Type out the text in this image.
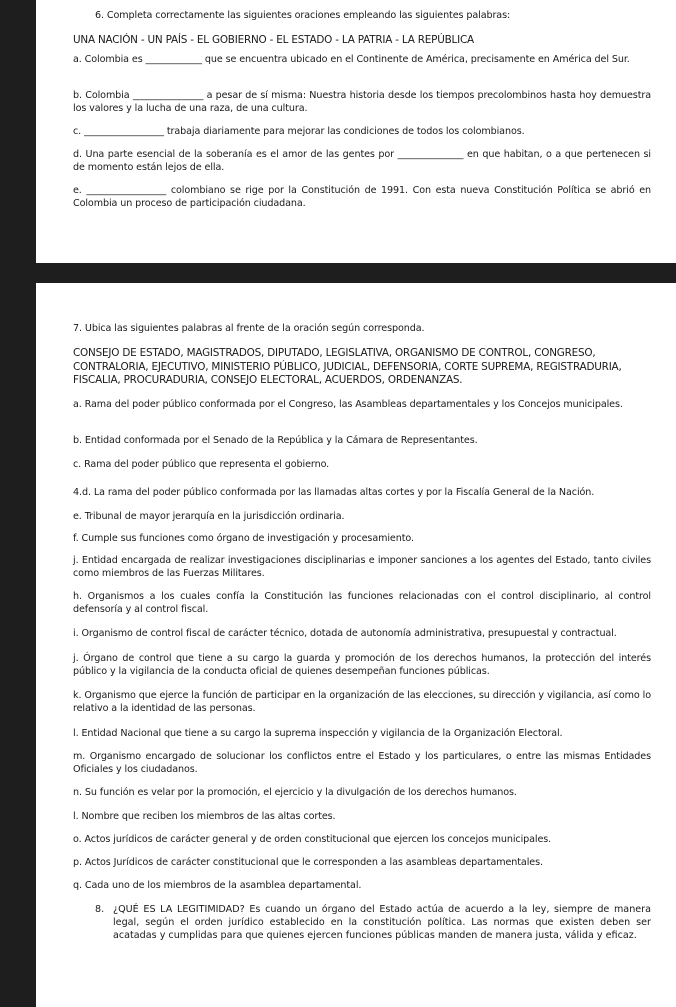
6. Completa correctamente las siguientes oraciones empleando las siguientes palabras:
UNA NACIÓN - UN PAÍS - EL GOBIERNO - EL ESTADO - LA PATRIA - LA REPÚBLICA
a. Colombia es ____________ que se encuentra ubicado en el Continente de América, precisamente en América del Sur.
b. Colombia _______________ a pesar de sí misma: Nuestra historia desde los tiempos precolombinos hasta hoy demuestra los valores y la lucha de una raza, de una cultura.
c. _________________ trabaja diariamente para mejorar las condiciones de todos los colombianos.
d. Una parte esencial de la soberanía es el amor de las gentes por ______________ en que habitan, o a que pertenecen si de momento están lejos de ella.
e. _________________ colombiano se rige por la Constitución de 1991. Con esta nueva Constitución Política se abrió en Colombia un proceso de participación ciudadana.
7. Ubica las siguientes palabras al frente de la oración según corresponda.
CONSEJO DE ESTADO, MAGISTRADOS, DIPUTADO, LEGISLATIVA, ORGANISMO DE CONTROL, CONGRESO, CONTRALORIA, EJECUTIVO, MINISTERIO PÚBLICO, JUDICIAL, DEFENSORIA, CORTE SUPREMA, REGISTRADURIA, FISCALIA, PROCURADURIA, CONSEJO ELECTORAL, ACUERDOS, ORDENANZAS.
a. Rama del poder público conformada por el Congreso, las Asambleas departamentales y los Concejos municipales.
b. Entidad conformada por el Senado de la República y la Cámara de Representantes.
c. Rama del poder público que representa el gobierno.
4.d. La rama del poder público conformada por las llamadas altas cortes y por la Fiscalía General de la Nación.
e. Tribunal de mayor jerarquía en la jurisdicción ordinaria.
f. Cumple sus funciones como órgano de investigación y procesamiento.
j. Entidad encargada de realizar investigaciones disciplinarias e imponer sanciones a los agentes del Estado, tanto civiles como miembros de las Fuerzas Militares.
h. Organismos a los cuales confía la Constitución las funciones relacionadas con el control disciplinario, al control defensoría y al control fiscal.
i. Organismo de control fiscal de carácter técnico, dotada de autonomía administrativa, presupuestal y contractual.
j. Órgano de control que tiene a su cargo la guarda y promoción de los derechos humanos, la protección del interés público y la vigilancia de la conducta oficial de quienes desempeñan funciones públicas.
k. Organismo que ejerce la función de participar en la organización de las elecciones, su dirección y vigilancia, así como lo relativo a la identidad de las personas.
l. Entidad Nacional que tiene a su cargo la suprema inspección y vigilancia de la Organización Electoral.
m. Organismo encargado de solucionar los conflictos entre el Estado y los particulares, o entre las mismas Entidades Oficiales y los ciudadanos.
n. Su función es velar por la promoción, el ejercicio y la divulgación de los derechos humanos.
l. Nombre que reciben los miembros de las altas cortes.
o. Actos jurídicos de carácter general y de orden constitucional que ejercen los concejos municipales.
p. Actos Jurídicos de carácter constitucional que le corresponden a las asambleas departamentales.
q. Cada uno de los miembros de la asamblea departamental.
8. ¿QUÉ ES LA LEGITIMIDAD? Es cuando un órgano del Estado actúa de acuerdo a la ley, siempre de manera legal, según el orden jurídico establecido en la constitución política. Las normas que existen deben ser acatadas y cumplidas para que quienes ejercen funciones públicas manden de manera justa, válida y eficaz.
